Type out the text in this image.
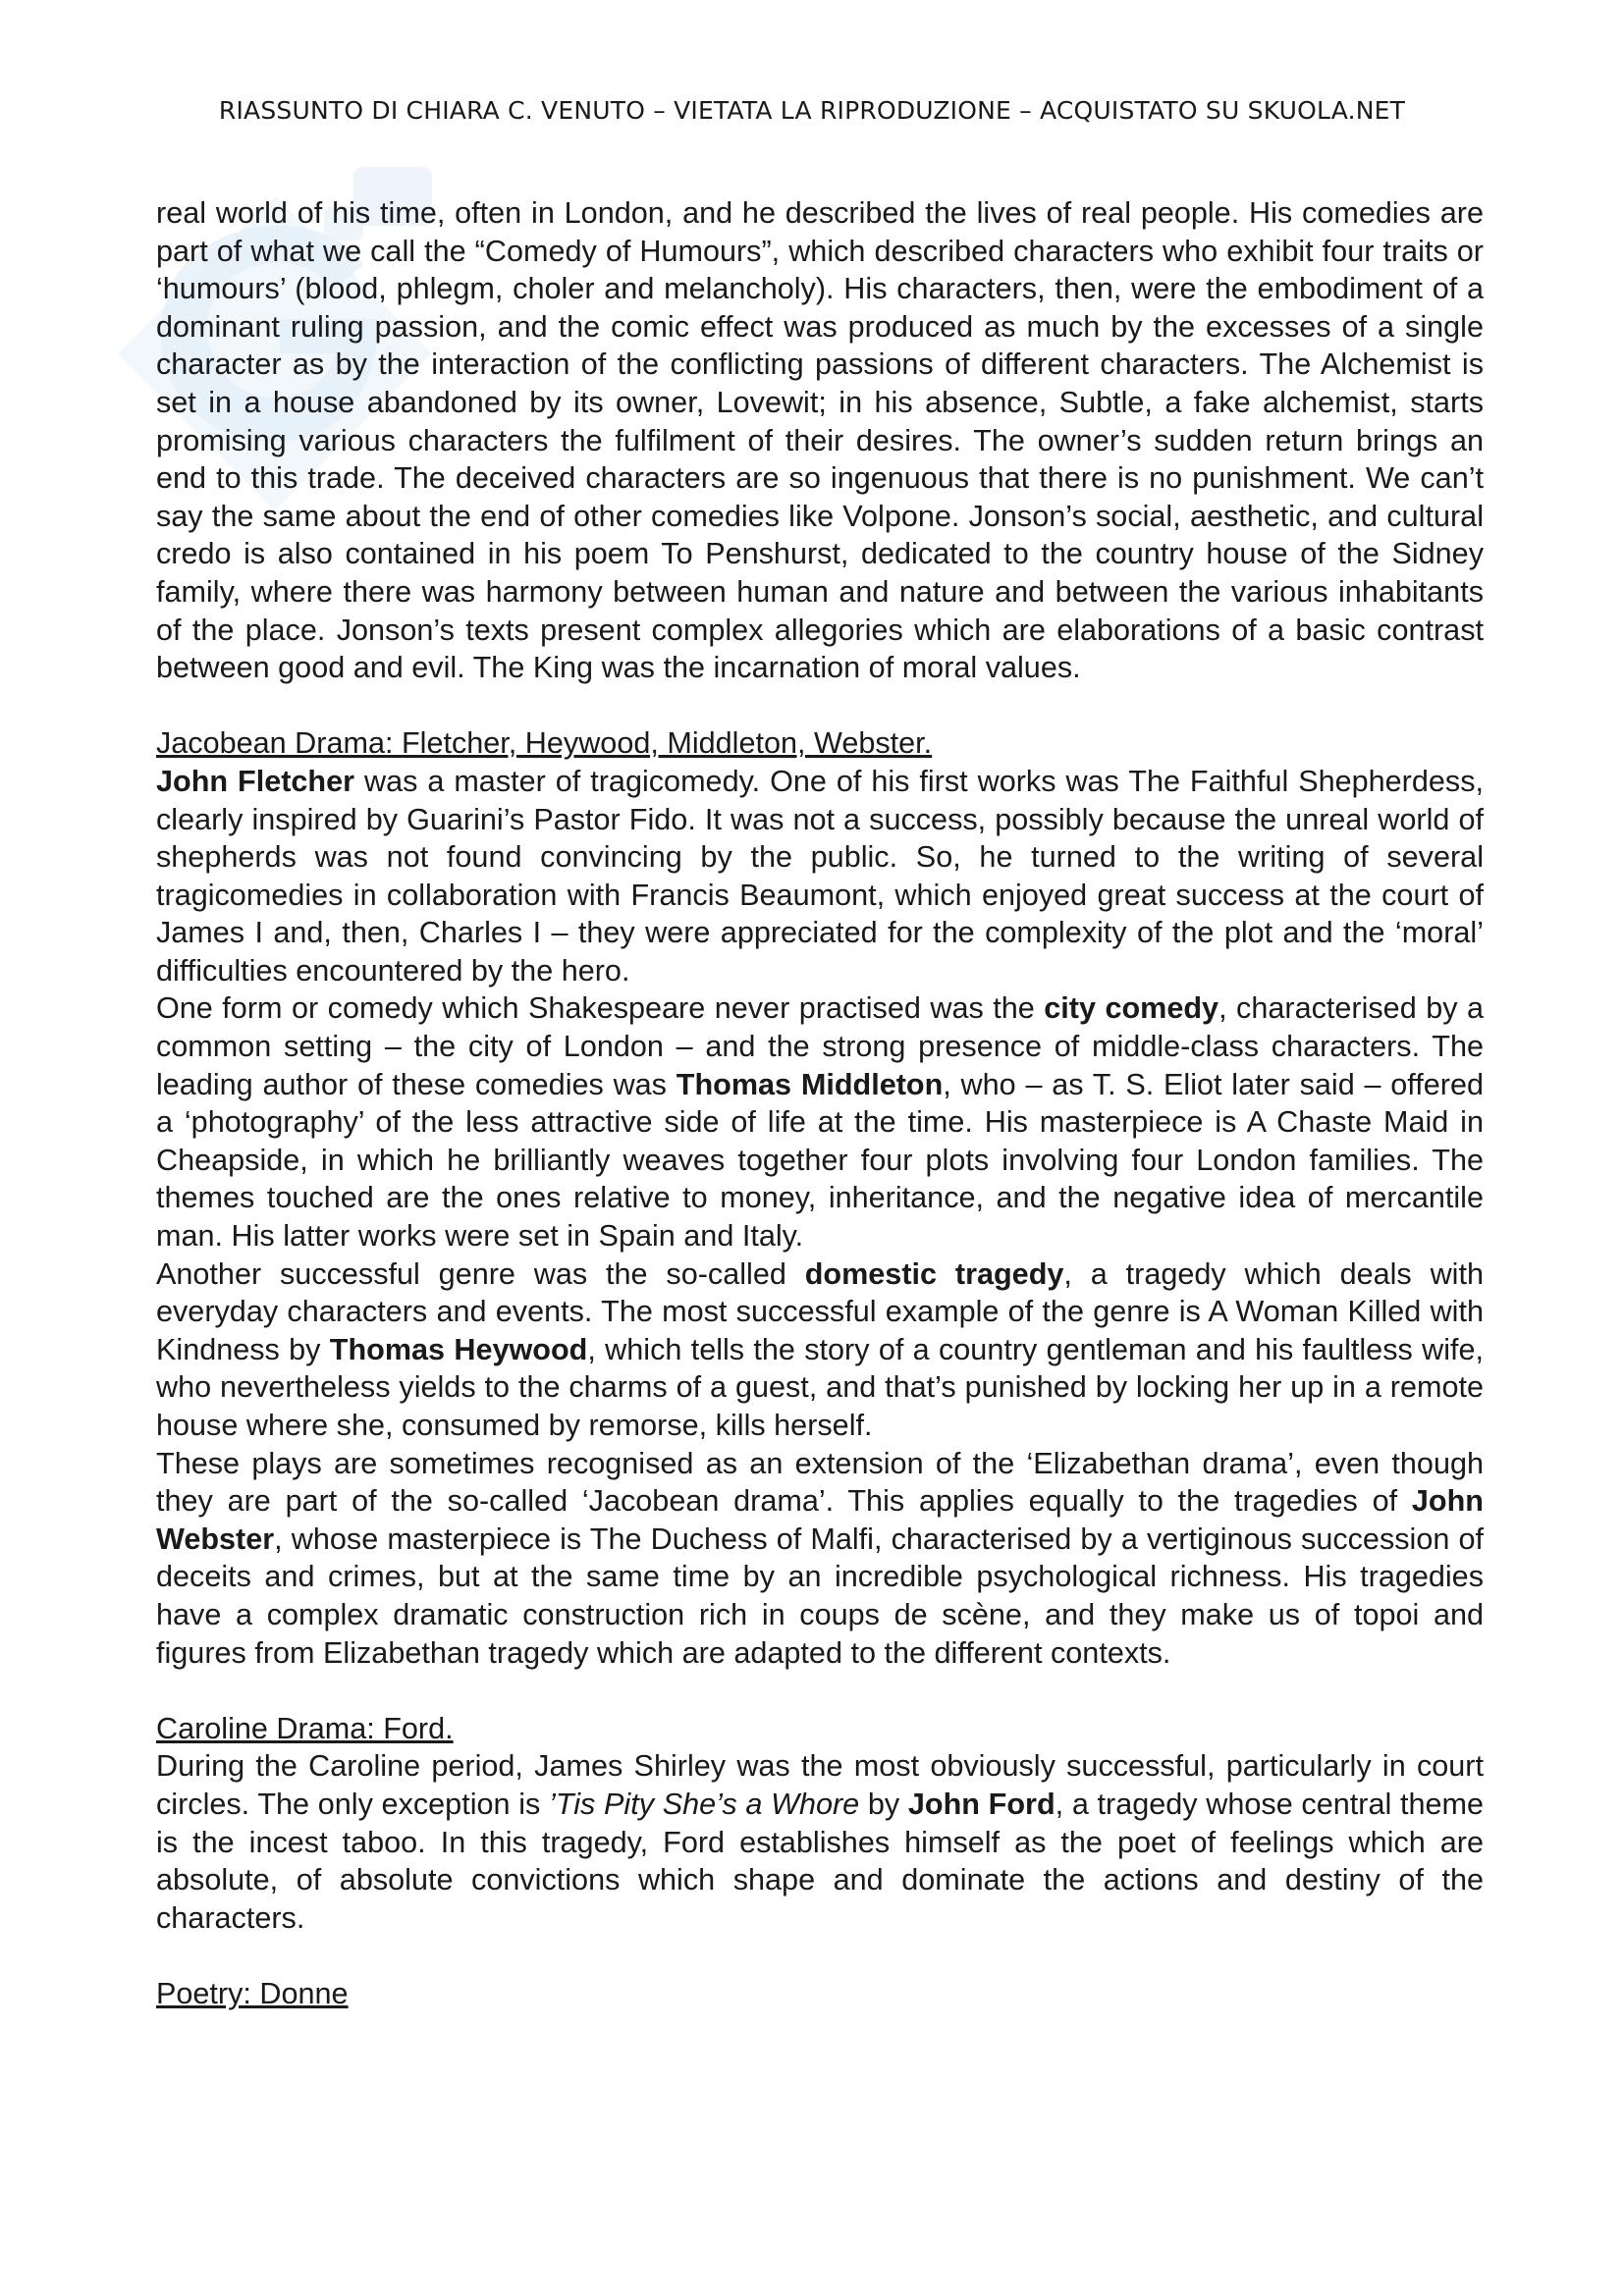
RIASSUNTO DI CHIARA C. VENUTO – VIETATA LA RIPRODUZIONE – ACQUISTATO SU SKUOLA.NET

real world of his time, often in London, and he described the lives of real people. His comedies are part of what we call the “Comedy of Humours”, which described characters who exhibit four traits or ‘humours’ (blood, phlegm, choler and melancholy). His characters, then, were the embodiment of a dominant ruling passion, and the comic effect was produced as much by the excesses of a single character as by the interaction of the conflicting passions of different characters. The Alchemist is set in a house abandoned by its owner, Lovewit; in his absence, Subtle, a fake alchemist, starts promising various characters the fulfilment of their desires. The owner’s sudden return brings an end to this trade. The deceived characters are so ingenuous that there is no punishment. We can’t say the same about the end of other comedies like Volpone. Jonson’s social, aesthetic, and cultural credo is also contained in his poem To Penshurst, dedicated to the country house of the Sidney family, where there was harmony between human and nature and between the various inhabitants of the place. Jonson’s texts present complex allegories which are elaborations of a basic contrast between good and evil. The King was the incarnation of moral values.

Jacobean Drama: Fletcher, Heywood, Middleton, Webster.

John Fletcher was a master of tragicomedy. One of his first works was The Faithful Shepherdess, clearly inspired by Guarini’s Pastor Fido. It was not a success, possibly because the unreal world of shepherds was not found convincing by the public. So, he turned to the writing of several tragicomedies in collaboration with Francis Beaumont, which enjoyed great success at the court of James I and, then, Charles I – they were appreciated for the complexity of the plot and the ‘moral’ difficulties encountered by the hero.

One form or comedy which Shakespeare never practised was the city comedy, characterised by a common setting – the city of London – and the strong presence of middle-class characters. The leading author of these comedies was Thomas Middleton, who – as T. S. Eliot later said – offered a ‘photography’ of the less attractive side of life at the time. His masterpiece is A Chaste Maid in Cheapside, in which he brilliantly weaves together four plots involving four London families. The themes touched are the ones relative to money, inheritance, and the negative idea of mercantile man. His latter works were set in Spain and Italy.

Another successful genre was the so-called domestic tragedy, a tragedy which deals with everyday characters and events. The most successful example of the genre is A Woman Killed with Kindness by Thomas Heywood, which tells the story of a country gentleman and his faultless wife, who nevertheless yields to the charms of a guest, and that’s punished by locking her up in a remote house where she, consumed by remorse, kills herself.

These plays are sometimes recognised as an extension of the ‘Elizabethan drama’, even though they are part of the so-called ‘Jacobean drama’. This applies equally to the tragedies of John Webster, whose masterpiece is The Duchess of Malfi, characterised by a vertiginous succession of deceits and crimes, but at the same time by an incredible psychological richness. His tragedies have a complex dramatic construction rich in coups de scène, and they make us of topoi and figures from Elizabethan tragedy which are adapted to the different contexts.

Caroline Drama: Ford.

During the Caroline period, James Shirley was the most obviously successful, particularly in court circles. The only exception is ’Tis Pity She’s a Whore by John Ford, a tragedy whose central theme is the incest taboo. In this tragedy, Ford establishes himself as the poet of feelings which are absolute, of absolute convictions which shape and dominate the actions and destiny of the characters.

Poetry: Donne
